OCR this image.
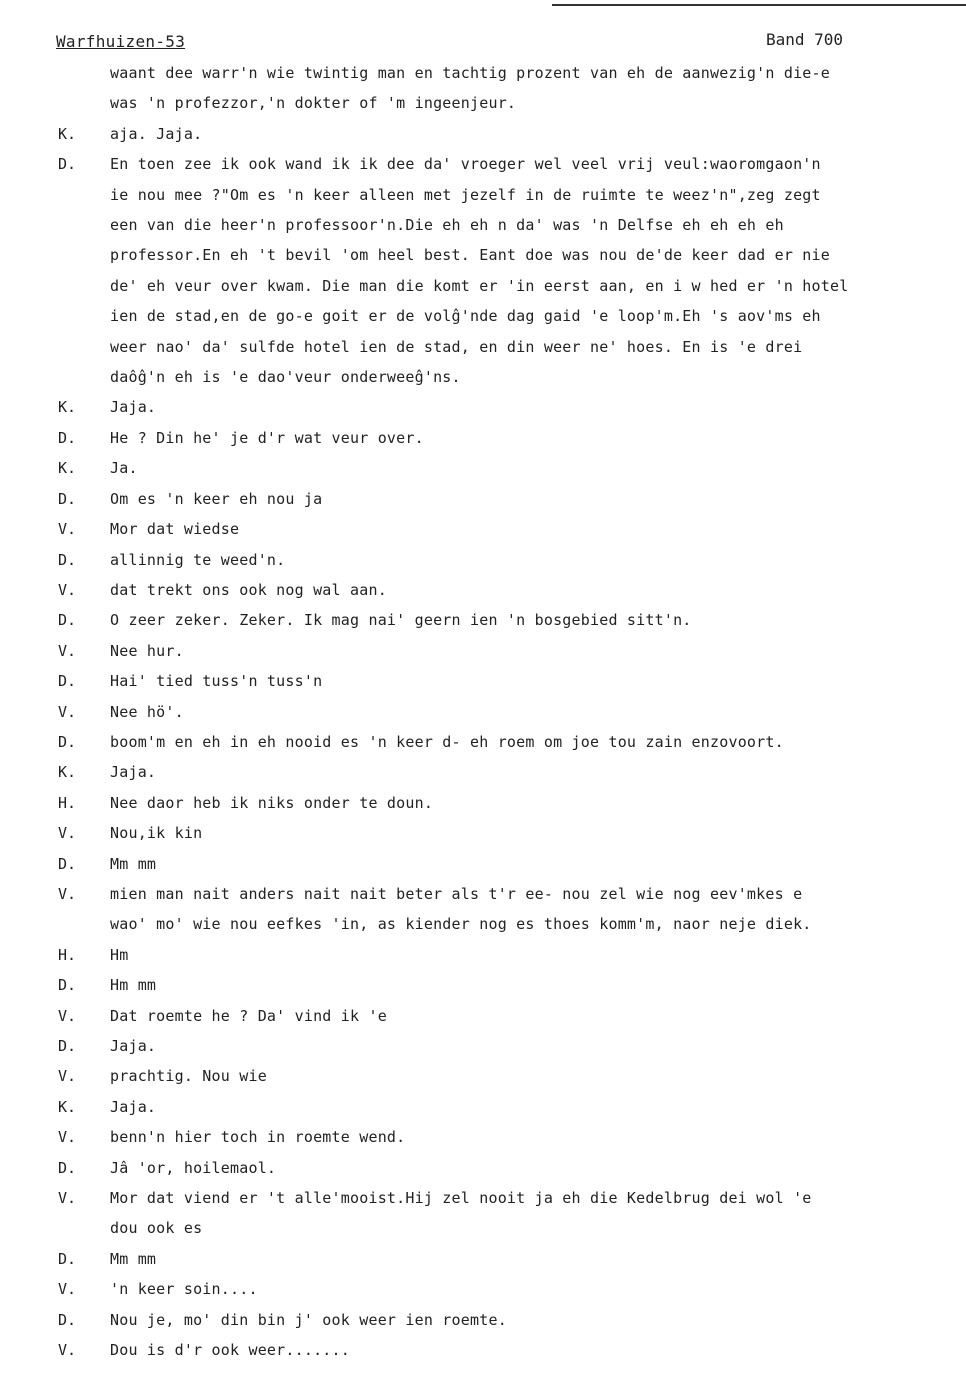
Warfhuizen-53	Band 700
waant dee warr'n wie twintig man en tachtig prozent van eh de aanwezig'n die-e
was 'n profezzor,'n dokter of 'm ingeenjeur.
K. aja. Jaja.
D. En toen zee ik ook wand ik ik dee da' vroeger wel veel vrij veul:waoromgaon'n
ie nou mee ?"Om es 'n keer alleen met jezelf in de ruimte te weez'n",zeg zegt
een van die heer'n professoor'n.Die eh eh n da' was 'n Delfse eh eh eh eh
professor.En eh 't bevil 'om heel best. Eant doe was nou de'de keer dad er nie
de' eh veur over kwam. Die man die komt er 'in eerst aan, en i w hed er 'n hotel
ien de stad,en de go-e goit er de volĝ'nde dag gaid 'e loop'm.Eh 's aov'ms eh
weer nao' da' sulfde hotel ien de stad, en din weer ne' hoes. En is 'e drei
daôĝ'n eh is 'e dao'veur onderweeĝ'ns.
K. Jaja.
D. He ? Din he' je d'r wat veur over.
K. Ja.
D. Om es 'n keer eh nou ja
V. Mor dat wiedse
D. allinnig te weed'n.
V. dat trekt ons ook nog wal aan.
D. O zeer zeker. Zeker. Ik mag nai' geern ien 'n bosgebied sitt'n.
V. Nee hur.
D. Hai' tied tuss'n tuss'n
V. Nee hö'.
D. boom'm en eh in eh nooid es 'n keer d- eh roem om joe tou zain enzovoort.
K. Jaja.
H. Nee daor heb ik niks onder te doun.
V. Nou,ik kin
D. Mm mm
V. mien man nait anders nait nait beter als t'r ee- nou zel wie nog eev'mkes e
wao' mo' wie nou eefkes 'in, as kiender nog es thoes komm'm, naor neje diek.
H. Hm
D. Hm mm
V. Dat roemte he ? Da' vind ik 'e
D. Jaja.
V. prachtig. Nou wie
K. Jaja.
V. benn'n hier toch in roemte wend.
D. Jâ 'or, hoilemaol.
V. Mor dat viend er 't alle'mooist.Hij zel nooit ja eh die Kedelbrug dei wol 'e
dou ook es
D. Mm mm
V. 'n keer soin....
D. Nou je, mo' din bin j' ook weer ien roemte.
V. Dou is d'r ook weer.......
